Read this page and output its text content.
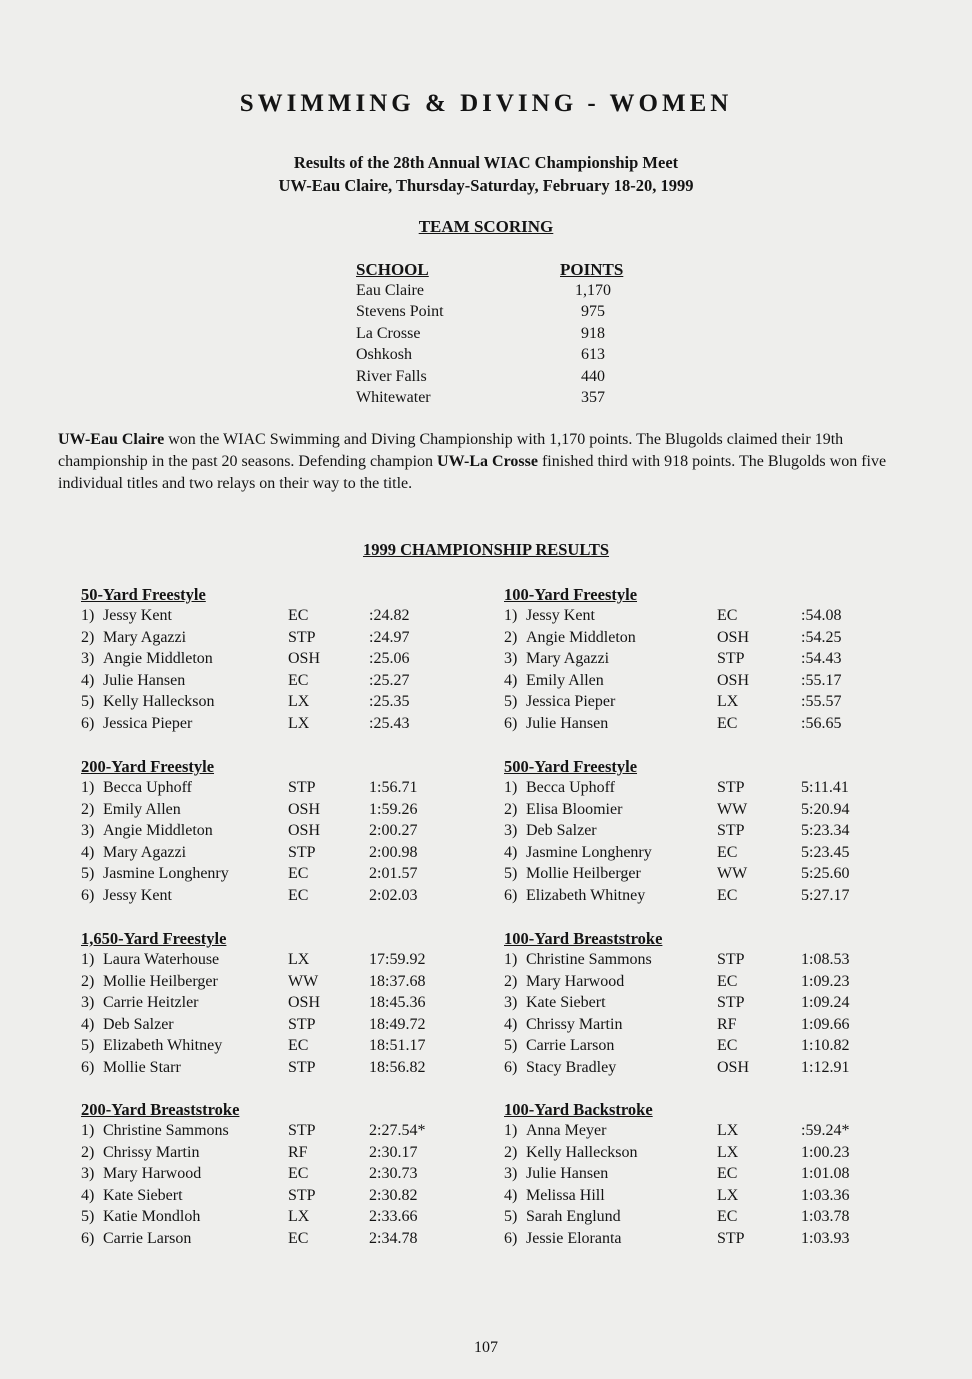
SWIMMING & DIVING - WOMEN
Results of the 28th Annual WIAC Championship Meet
UW-Eau Claire, Thursday-Saturday, February 18-20, 1999
TEAM SCORING
SCHOOL	POINTS
Eau Claire	1,170
Stevens Point	975
La Crosse	918
Oshkosh	613
River Falls	440
Whitewater	357
UW-Eau Claire won the WIAC Swimming and Diving Championship with 1,170 points. The Blugolds claimed their 19th championship in the past 20 seasons. Defending champion UW-La Crosse finished third with 918 points. The Blugolds won five individual titles and two relays on their way to the title.
1999 CHAMPIONSHIP RESULTS
50-Yard Freestyle
1) Jessy Kent	EC	:24.82
2) Mary Agazzi	STP	:24.97
3) Angie Middleton	OSH	:25.06
4) Julie Hansen	EC	:25.27
5) Kelly Halleckson	LX	:25.35
6) Jessica Pieper	LX	:25.43
100-Yard Freestyle
1) Jessy Kent	EC	:54.08
2) Angie Middleton	OSH	:54.25
3) Mary Agazzi	STP	:54.43
4) Emily Allen	OSH	:55.17
5) Jessica Pieper	LX	:55.57
6) Julie Hansen	EC	:56.65
200-Yard Freestyle
1) Becca Uphoff	STP	1:56.71
2) Emily Allen	OSH	1:59.26
3) Angie Middleton	OSH	2:00.27
4) Mary Agazzi	STP	2:00.98
5) Jasmine Longhenry	EC	2:01.57
6) Jessy Kent	EC	2:02.03
500-Yard Freestyle
1) Becca Uphoff	STP	5:11.41
2) Elisa Bloomier	WW	5:20.94
3) Deb Salzer	STP	5:23.34
4) Jasmine Longhenry	EC	5:23.45
5) Mollie Heilberger	WW	5:25.60
6) Elizabeth Whitney	EC	5:27.17
1,650-Yard Freestyle
1) Laura Waterhouse	LX	17:59.92
2) Mollie Heilberger	WW	18:37.68
3) Carrie Heitzler	OSH	18:45.36
4) Deb Salzer	STP	18:49.72
5) Elizabeth Whitney	EC	18:51.17
6) Mollie Starr	STP	18:56.82
100-Yard Breaststroke
1) Christine Sammons	STP	1:08.53
2) Mary Harwood	EC	1:09.23
3) Kate Siebert	STP	1:09.24
4) Chrissy Martin	RF	1:09.66
5) Carrie Larson	EC	1:10.82
6) Stacy Bradley	OSH	1:12.91
200-Yard Breaststroke
1) Christine Sammons	STP	2:27.54*
2) Chrissy Martin	RF	2:30.17
3) Mary Harwood	EC	2:30.73
4) Kate Siebert	STP	2:30.82
5) Katie Mondloh	LX	2:33.66
6) Carrie Larson	EC	2:34.78
100-Yard Backstroke
1) Anna Meyer	LX	:59.24*
2) Kelly Halleckson	LX	1:00.23
3) Julie Hansen	EC	1:01.08
4) Melissa Hill	LX	1:03.36
5) Sarah Englund	EC	1:03.78
6) Jessie Eloranta	STP	1:03.93
107
